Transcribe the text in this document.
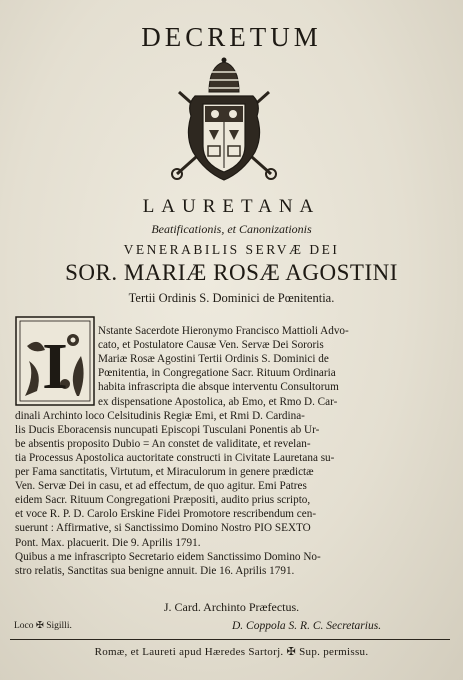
DECRETUM
LAURETANA
Beatificationis, et Canonizationis
VENERABILIS SERVÆ DEI
SOR. MARIÆ ROSÆ AGOSTINI
Tertii Ordinis S. Dominici de Pœnitentia.
I	Nstante Sacerdote Hieronymo Francisco Mattioli Advo-
cato, et Postulatore Causæ Ven. Servæ Dei Sororis
Mariæ Rosæ Agostini Tertii Ordinis S. Dominici de
Pœnitentia, in Congregatione Sacr. Rituum Ordinaria
habita infrascripta die absque interventu Consultorum
ex dispensatione Apostolica, ab Emo, et Rmo D. Car-
dinali Archinto loco Celsitudinis Regiæ Emi, et Rmi D. Cardina-
lis Ducis Eboracensis nuncupati Episcopi Tusculani Ponentis ab Ur-
be absentis proposito Dubio = An constet de validitate, et revelan-
tia Processus Apostolica auctoritate constructi in Civitate Lauretana su-
per Fama sanctitatis, Virtutum, et Miraculorum in genere prædictæ
Ven. Servæ Dei in casu, et ad effectum, de quo agitur. Emi Patres
eidem Sacr. Rituum Congregationi Præpositi, audito prius scripto,
et voce R. P. D. Carolo Erskine Fidei Promotore rescribendum cen-
suerunt : Affirmative, si Sanctissimo Domino Nostro PIO SEXTO
Pont. Max. placuerit. Die 9. Aprilis 1791.
Quibus a me infrascripto Secretario eidem Sanctissimo Domino No-
stro relatis, Sanctitas sua benigne annuit. Die 16. Aprilis 1791.
J. Card. Archinto Præfectus.
Loco ✠ Sigilli.	D. Coppola S. R. C. Secretarius.
Romæ, et Laureti apud Hæredes Sartorj. ✠ Sup. permissu.
